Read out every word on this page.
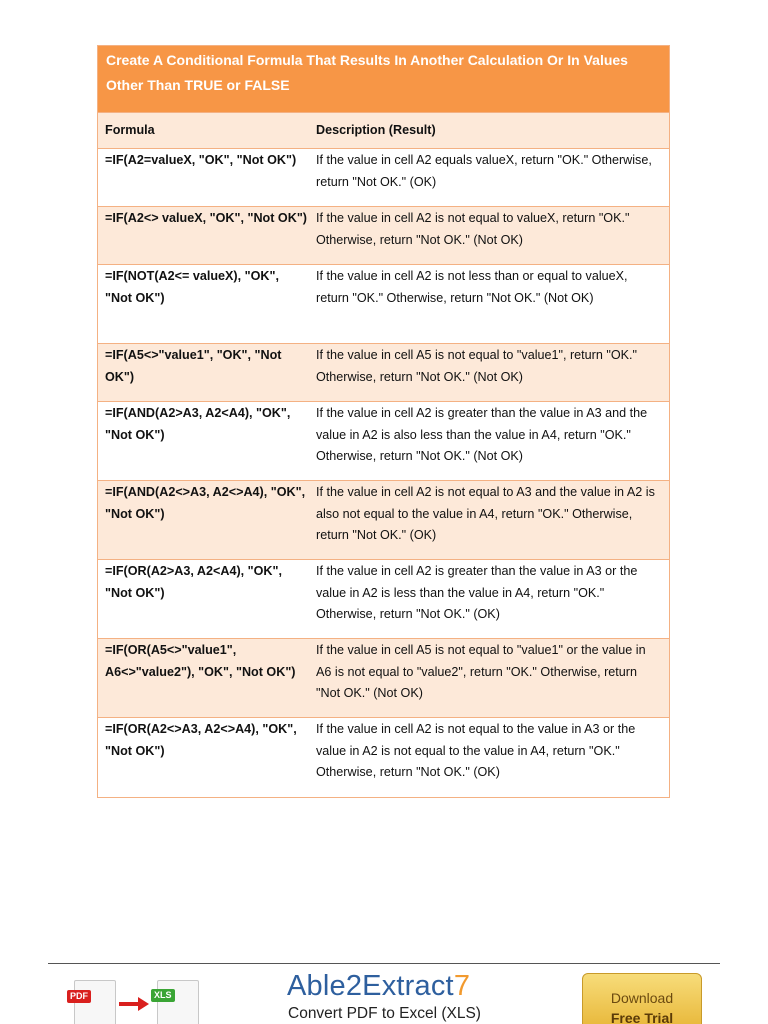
Create A Conditional Formula That Results In Another Calculation Or In Values Other Than TRUE or FALSE
Formula	Description (Result)
=IF(A2=valueX, "OK", "Not OK")	If the value in cell A2 equals valueX, return "OK." Otherwise, return "Not OK." (OK)
=IF(A2<> valueX, "OK", "Not OK") If the value in cell A2 is not equal to valueX, return "OK." Otherwise, return "Not OK." (Not OK)
=IF(NOT(A2<= valueX), "OK", "Not OK")
If the value in cell A2 is not less than or equal to valueX, return "OK." Otherwise, return "Not OK." (Not OK)
=IF(A5<>"value1", "OK", "Not OK")
If the value in cell A5 is not equal to "value1", return "OK." Otherwise, return "Not OK." (Not OK)
=IF(AND(A2>A3, A2<A4), "OK", "Not OK")
If the value in cell A2 is greater than the value in A3 and the value in A2 is also less than the value in A4, return "OK." Otherwise, return "Not OK." (Not OK)
=IF(AND(A2<>A3, A2<>A4), "OK", "Not OK")
If the value in cell A2 is not equal to A3 and the value in A2 is also not equal to the value in A4, return "OK." Otherwise, return "Not OK." (OK)
=IF(OR(A2>A3, A2<A4), "OK", "Not OK")
If the value in cell A2 is greater than the value in A3 or the value in A2 is less than the value in A4, return "OK." Otherwise, return "Not OK." (OK)
=IF(OR(A5<>"value1", A6<>"value2"), "OK", "Not OK")
If the value in cell A5 is not equal to "value1" or the value in A6 is not equal to "value2", return "OK." Otherwise, return "Not OK." (Not OK)
=IF(OR(A2<>A3, A2<>A4), "OK", "Not OK")
If the value in cell A2 is not equal to the value in A3 or the value in A2 is not equal to the value in A4, return "OK." Otherwise, return "Not OK." (OK)
PDF	XLS	Able2Extract7
Convert PDF to Excel (XLS)
Download
Free Trial
